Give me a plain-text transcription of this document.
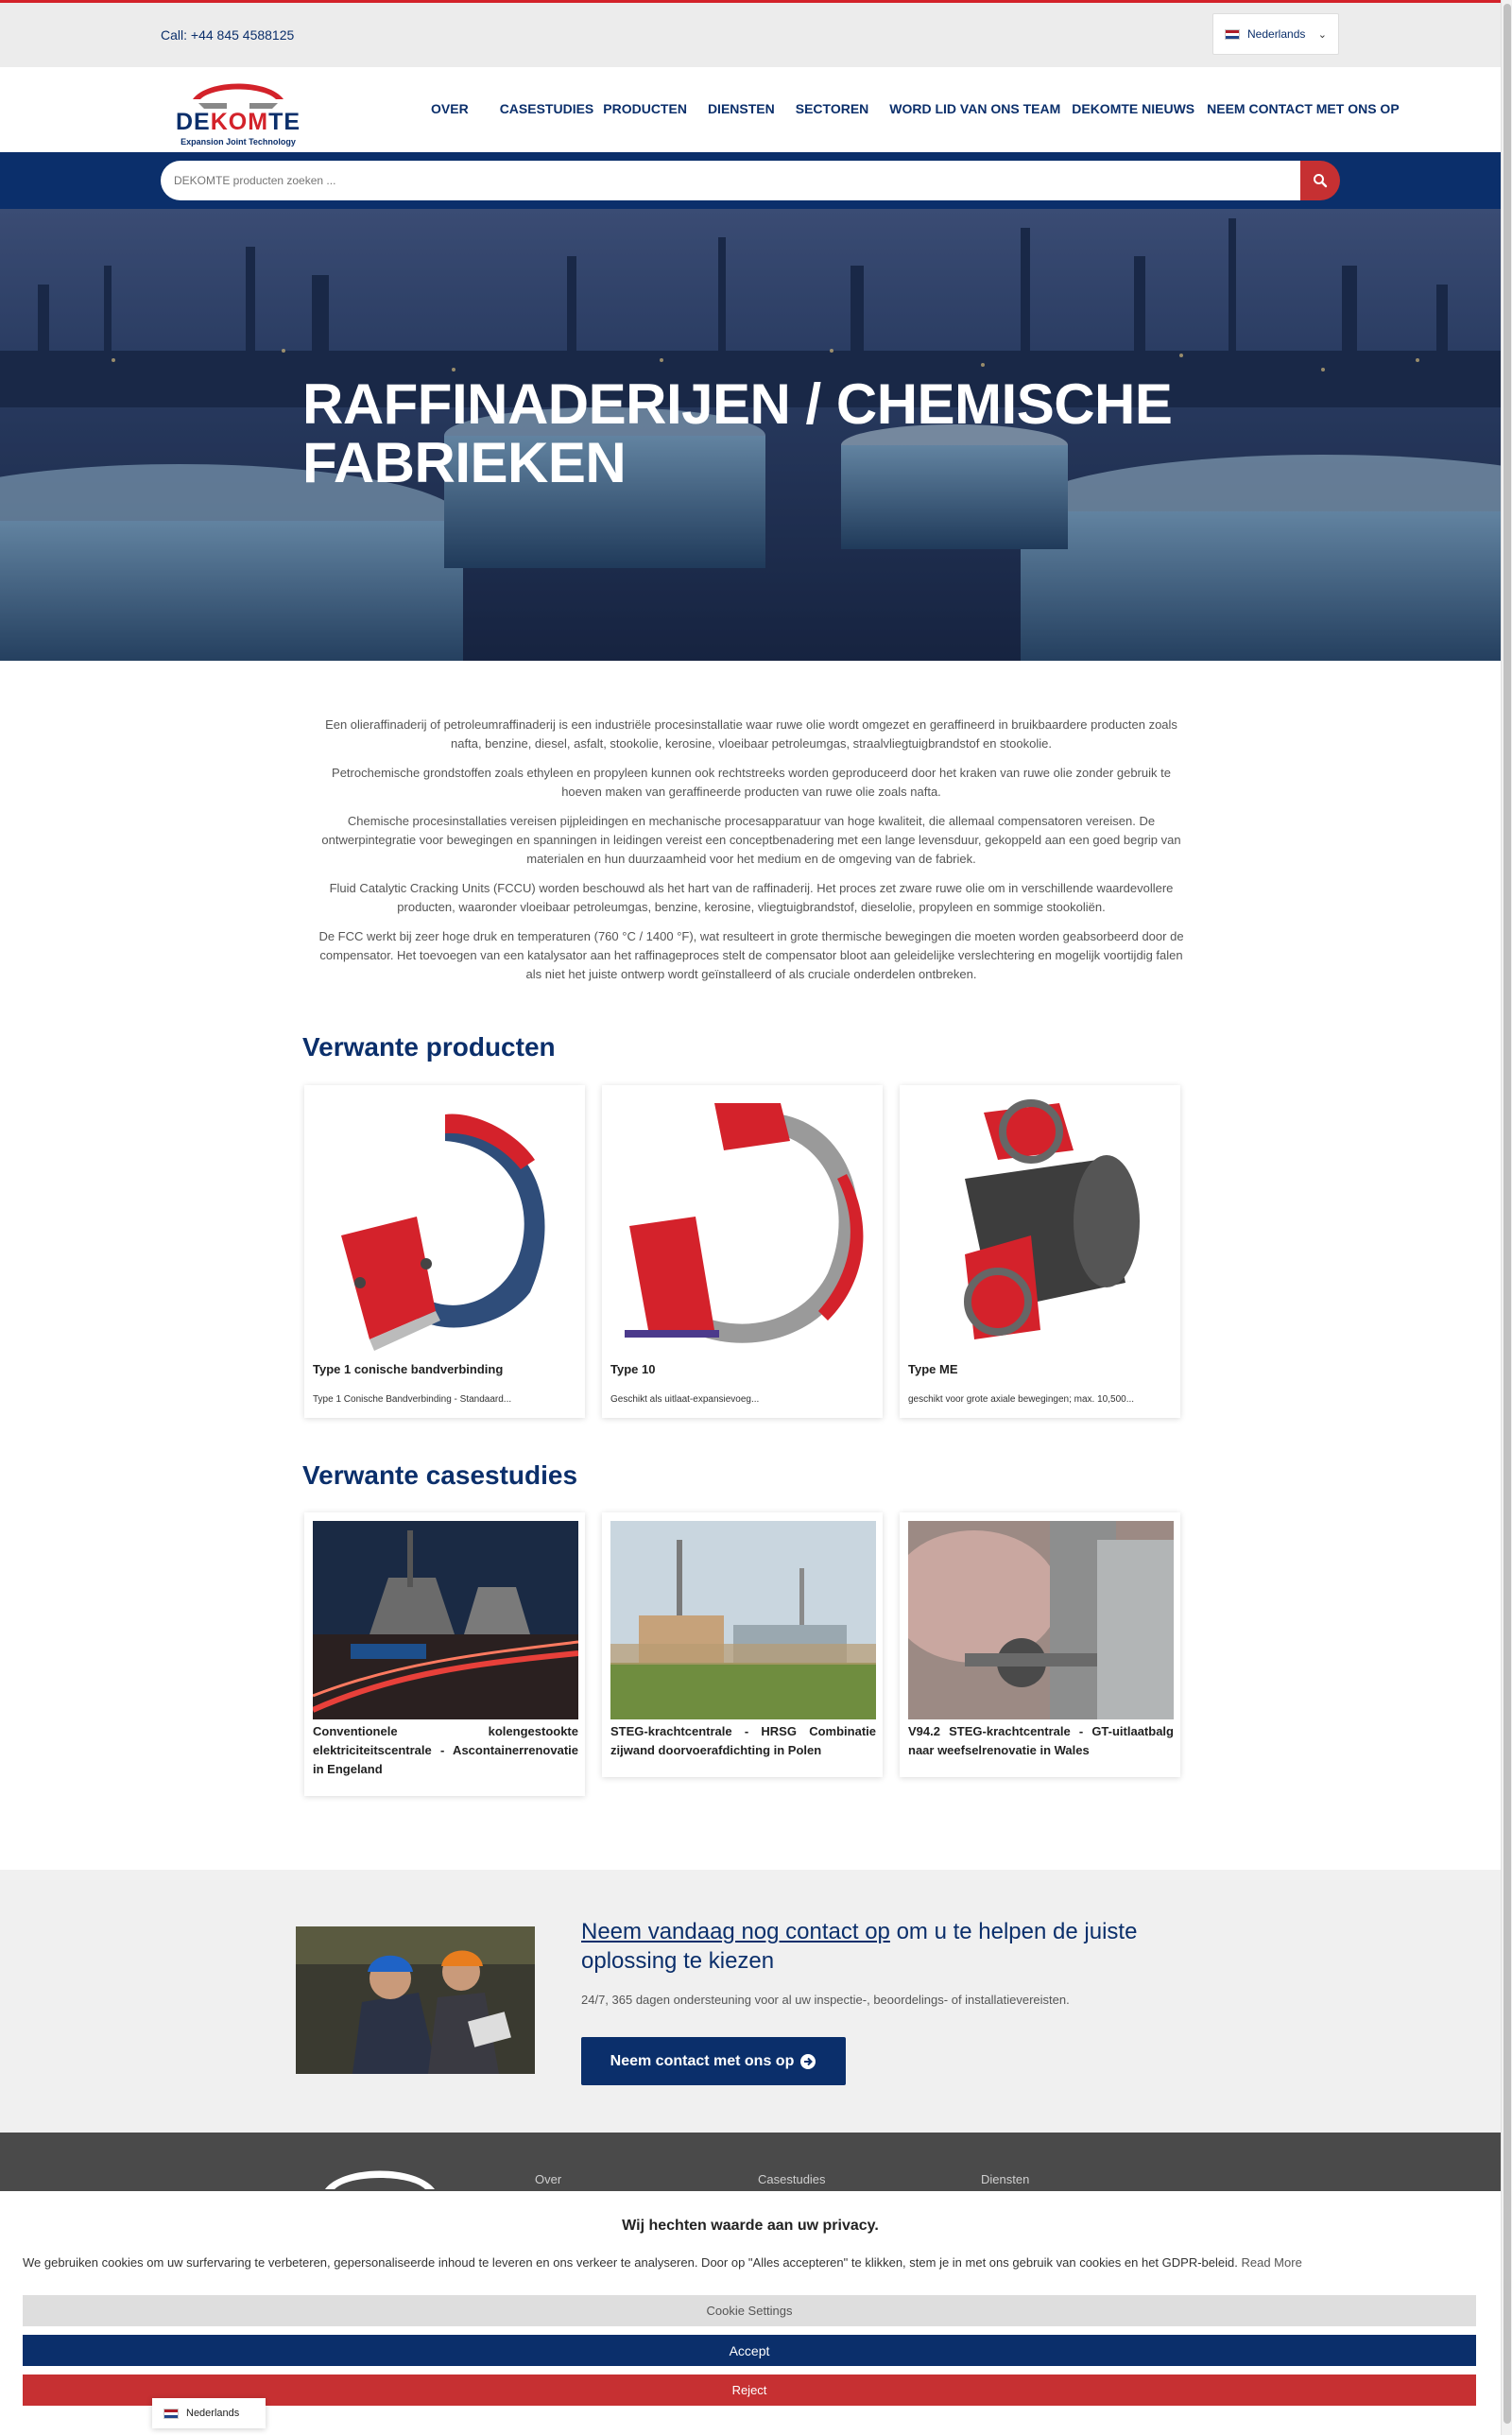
Call: +44 845 4588125	Nederlands ⌄
DEKOMTE
Expansion Joint Technology
OVER CASESTUDIES PRODUCTEN DIENSTEN SECTOREN WORD LID VAN ONS TEAM DEKOMTE NIEUWS NEEM CONTACT MET ONS OP
DEKOMTE producten zoeken ...
RAFFINADERIJEN / CHEMISCHE FABRIEKEN

Een olieraffinaderij of petroleumraffinaderij is een industriële procesinstallatie waar ruwe olie wordt omgezet en geraffineerd in bruikbaardere producten zoals nafta, benzine, diesel, asfalt, stookolie, kerosine, vloeibaar petroleumgas, straalvliegtuigbrandstof en stookolie.

Petrochemische grondstoffen zoals ethyleen en propyleen kunnen ook rechtstreeks worden geproduceerd door het kraken van ruwe olie zonder gebruik te hoeven maken van geraffineerde producten van ruwe olie zoals nafta.

Chemische procesinstallaties vereisen pijpleidingen en mechanische procesapparatuur van hoge kwaliteit, die allemaal compensatoren vereisen. De ontwerpintegratie voor bewegingen en spanningen in leidingen vereist een conceptbenadering met een lange levensduur, gekoppeld aan een goed begrip van materialen en hun duurzaamheid voor het medium en de omgeving van de fabriek.

Fluid Catalytic Cracking Units (FCCU) worden beschouwd als het hart van de raffinaderij. Het proces zet zware ruwe olie om in verschillende waardevollere producten, waaronder vloeibaar petroleumgas, benzine, kerosine, vliegtuigbrandstof, dieselolie, propyleen en sommige stookoliën.

De FCC werkt bij zeer hoge druk en temperaturen (760 °C / 1400 °F), wat resulteert in grote thermische bewegingen die moeten worden geabsorbeerd door de compensator. Het toevoegen van een katalysator aan het raffinageproces stelt de compensator bloot aan geleidelijke verslechtering en mogelijk voortijdig falen als niet het juiste ontwerp wordt geïnstalleerd of als cruciale onderdelen ontbreken.

Verwante producten
Type 1 conische bandverbinding
Type 1 Conische Bandverbinding - Standaard...
Type 10
Geschikt als uitlaat-expansievoeg...
Type ME
geschikt voor grote axiale bewegingen; max. 10,500...
Verwante casestudies
Conventionele kolengestookte elektriciteitscentrale - Ascontainerrenovatie in Engeland
STEG-krachtcentrale - HRSG Combinatie zijwand doorvoerafdichting in Polen
V94.2 STEG-krachtcentrale - GT-uitlaatbalg naar weefselrenovatie in Wales
Neem vandaag nog contact op om u te helpen de juiste oplossing te kiezen
24/7, 365 dagen ondersteuning voor al uw inspectie-, beoordelings- of installatievereisten.
Neem contact met ons op
Over	Casestudies	Diensten
Wij hechten waarde aan uw privacy.
We gebruiken cookies om uw surfervaring te verbeteren, gepersonaliseerde inhoud te leveren en ons verkeer te analyseren. Door op "Alles accepteren" te klikken, stem je in met ons gebruik van cookies en het GDPR-beleid. Read More
Cookie Settings
Accept
Reject
Nederlands
